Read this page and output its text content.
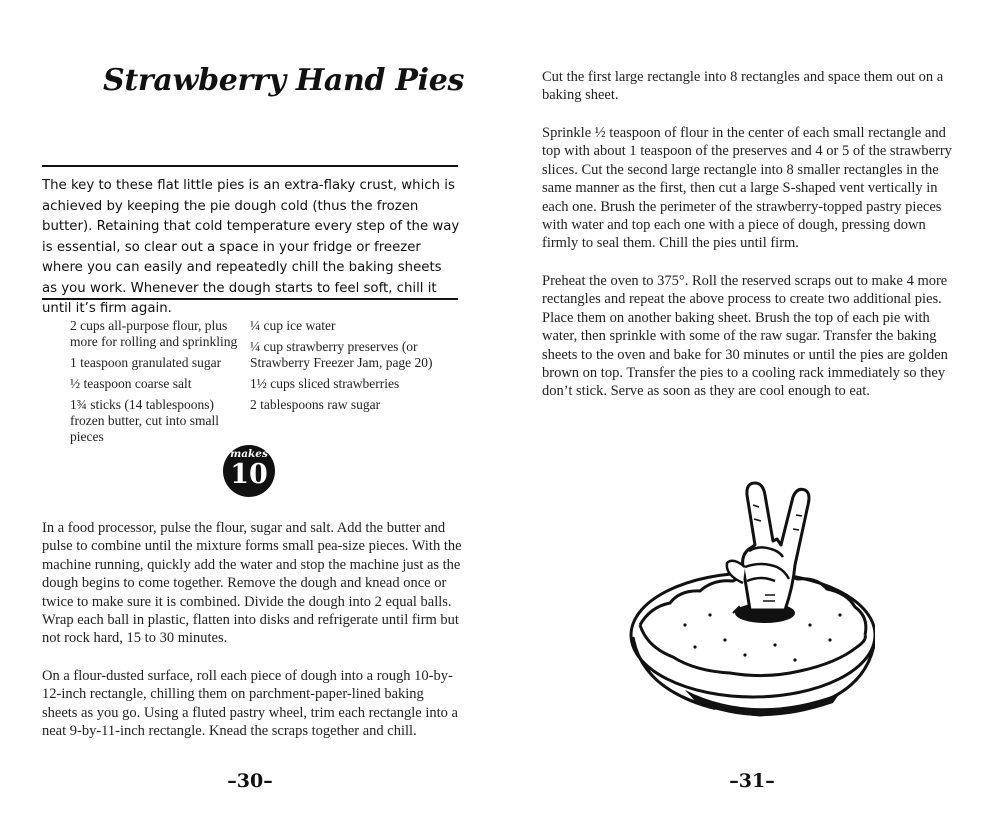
Strawberry Hand Pies

The key to these flat little pies is an extra-flaky crust, which is achieved by keeping the pie dough cold (thus the frozen butter). Retaining that cold temperature every step of the way is essential, so clear out a space in your fridge or freezer where you can easily and repeatedly chill the baking sheets as you work. Whenever the dough starts to feel soft, chill it until it’s firm again.

2 cups all-purpose flour, plus more for rolling and sprinkling
1 teaspoon granulated sugar
½ teaspoon coarse salt
1¾ sticks (14 tablespoons) frozen butter, cut into small pieces
¼ cup ice water
¼ cup strawberry preserves (or Strawberry Freezer Jam, page 20)
1½ cups sliced strawberries
2 tablespoons raw sugar
makes
10

In a food processor, pulse the flour, sugar and salt. Add the butter and pulse to combine until the mixture forms small pea-size pieces. With the machine running, quickly add the water and stop the machine just as the dough begins to come together. Remove the dough and knead once or twice to make sure it is combined. Divide the dough into 2 equal balls. Wrap each ball in plastic, flatten into disks and refrigerate until firm but not rock hard, 15 to 30 minutes.

On a flour-dusted surface, roll each piece of dough into a rough 10-by-12-inch rectangle, chilling them on parchment-paper-lined baking sheets as you go. Using a fluted pastry wheel, trim each rectangle into a neat 9-by-11-inch rectangle. Knead the scraps together and chill.

–30–

Cut the first large rectangle into 8 rectangles and space them out on a baking sheet.

Sprinkle ½ teaspoon of flour in the center of each small rectangle and top with about 1 teaspoon of the preserves and 4 or 5 of the strawberry slices. Cut the second large rectangle into 8 smaller rectangles in the same manner as the first, then cut a large S-shaped vent vertically in each one. Brush the perimeter of the strawberry-topped pastry pieces with water and top each one with a piece of dough, pressing down firmly to seal them. Chill the pies until firm.

Preheat the oven to 375°. Roll the reserved scraps out to make 4 more rectangles and repeat the above process to create two additional pies. Place them on another baking sheet. Brush the top of each pie with water, then sprinkle with some of the raw sugar. Transfer the baking sheets to the oven and bake for 30 minutes or until the pies are golden brown on top. Transfer the pies to a cooling rack immediately so they don’t stick. Serve as soon as they are cool enough to eat.

–31–
